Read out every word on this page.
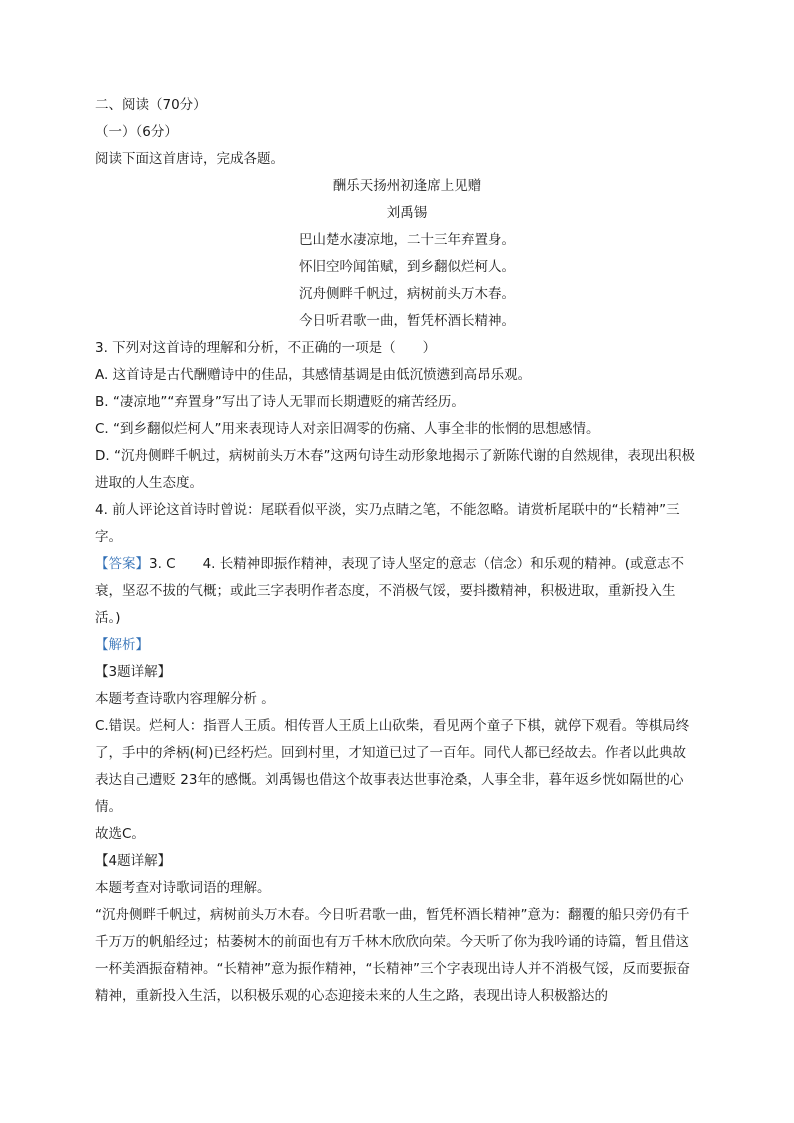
二、阅读（70分）
（一）（6分）
阅读下面这首唐诗，完成各题。
酬乐天扬州初逢席上见赠
刘禹锡
巴山楚水凄凉地，二十三年弃置身。
怀旧空吟闻笛赋，到乡翻似烂柯人。
沉舟侧畔千帆过，病树前头万木春。
今日听君歌一曲，暂凭杯酒长精神。
3. 下列对这首诗的理解和分析，不正确的一项是（　　）
A. 这首诗是古代酬赠诗中的佳品，其感情基调是由低沉愤懑到高昂乐观。
B. “凄凉地”“弃置身”写出了诗人无罪而长期遭贬的痛苦经历。
C. “到乡翻似烂柯人”用来表现诗人对亲旧凋零的伤痛、人事全非的怅惘的思想感情。
D. “沉舟侧畔千帆过，病树前头万木春”这两句诗生动形象地揭示了新陈代谢的自然规律，表现出积极进取的人生态度。
4. 前人评论这首诗时曾说：尾联看似平淡，实乃点睛之笔，不能忽略。请赏析尾联中的“长精神”三字。
【答案】3. C　　4. 长精神即振作精神，表现了诗人坚定的意志（信念）和乐观的精神。(或意志不衰，坚忍不拔的气概；或此三字表明作者态度，不消极气馁，要抖擞精神，积极进取，重新投入生活。)
【解析】
【3题详解】
本题考查诗歌内容理解分析 。
C.错误。烂柯人：指晋人王质。相传晋人王质上山砍柴，看见两个童子下棋，就停下观看。等棋局终了，手中的斧柄(柯)已经朽烂。回到村里，才知道已过了一百年。同代人都已经故去。作者以此典故表达自己遭贬 23年的感慨。刘禹锡也借这个故事表达世事沧桑，人事全非，暮年返乡恍如隔世的心情。
故选C。
【4题详解】
本题考查对诗歌词语的理解。
“沉舟侧畔千帆过，病树前头万木春。今日听君歌一曲，暂凭杯酒长精神”意为：翻覆的船只旁仍有千千万万的帆船经过；枯萎树木的前面也有万千林木欣欣向荣。今天听了你为我吟诵的诗篇，暂且借这一杯美酒振奋精神。“长精神”意为振作精神，“长精神”三个字表现出诗人并不消极气馁，反而要振奋精神，重新投入生活，以积极乐观的心态迎接未来的人生之路，表现出诗人积极豁达的
